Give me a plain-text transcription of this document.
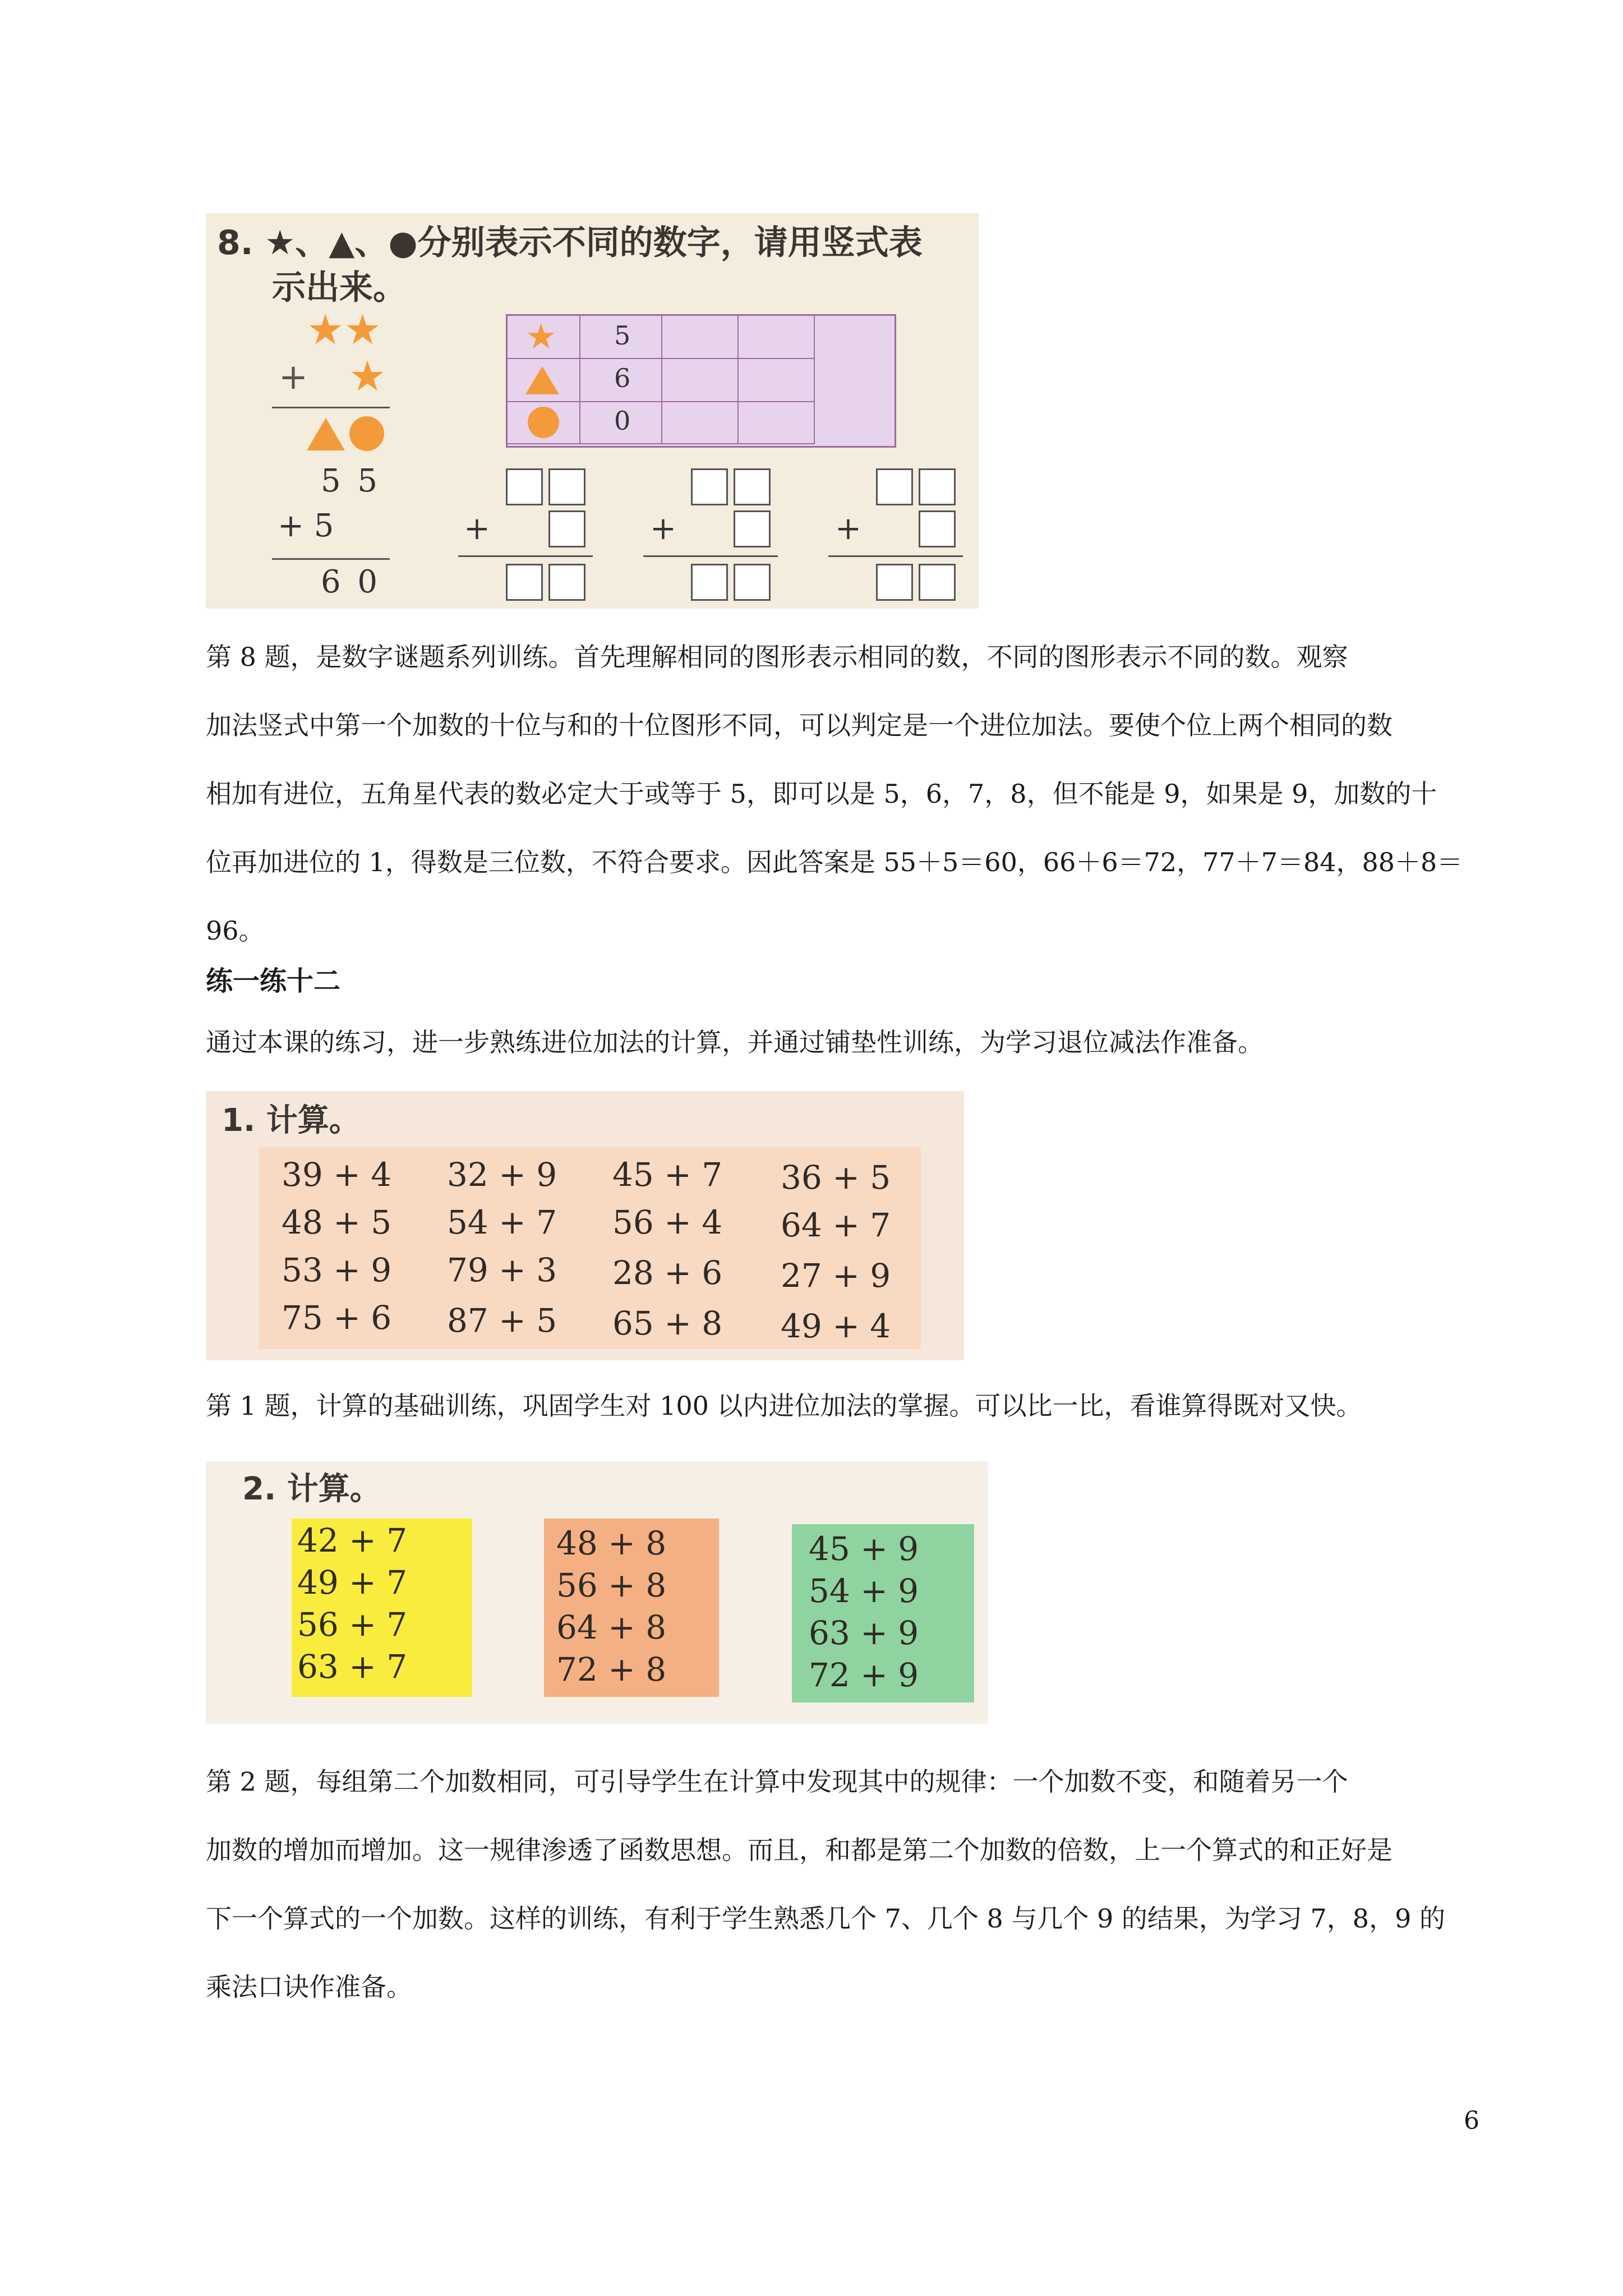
8. ★、▲、●分别表示不同的数字，请用竖式表
示出来。
★★
+ ★
★ 5
6
0
5 5
+ 5
6 0
+	+	+
第 8 题，是数字谜题系列训练。首先理解相同的图形表示相同的数，不同的图形表示不同的数。观察
加法竖式中第一个加数的十位与和的十位图形不同，可以判定是一个进位加法。要使个位上两个相同的数
相加有进位，五角星代表的数必定大于或等于 5，即可以是 5，6，7，8，但不能是 9，如果是 9，加数的十
位再加进位的 1，得数是三位数，不符合要求。因此答案是 55＋5＝60，66＋6＝72，77＋7＝84，88＋8＝
96。
练一练十二
通过本课的练习，进一步熟练进位加法的计算，并通过铺垫性训练，为学习退位减法作准备。
1. 计算。
39 + 4 32 + 9 45 + 7 36 + 5
48 + 5 54 + 7 56 + 4 64 + 7
53 + 9 79 + 3 28 + 6 27 + 9
75 + 6 87 + 5 65 + 8 49 + 4
第 1 题，计算的基础训练，巩固学生对 100 以内进位加法的掌握。可以比一比，看谁算得既对又快。
2. 计算。
42 + 7
49 + 7
56 + 7
63 + 7
48 + 8
56 + 8
64 + 8
72 + 8
45 + 9
54 + 9
63 + 9
72 + 9
第 2 题，每组第二个加数相同，可引导学生在计算中发现其中的规律：一个加数不变，和随着另一个
加数的增加而增加。这一规律渗透了函数思想。而且，和都是第二个加数的倍数，上一个算式的和正好是
下一个算式的一个加数。这样的训练，有利于学生熟悉几个 7、几个 8 与几个 9 的结果，为学习 7，8，9 的
乘法口诀作准备。
6
